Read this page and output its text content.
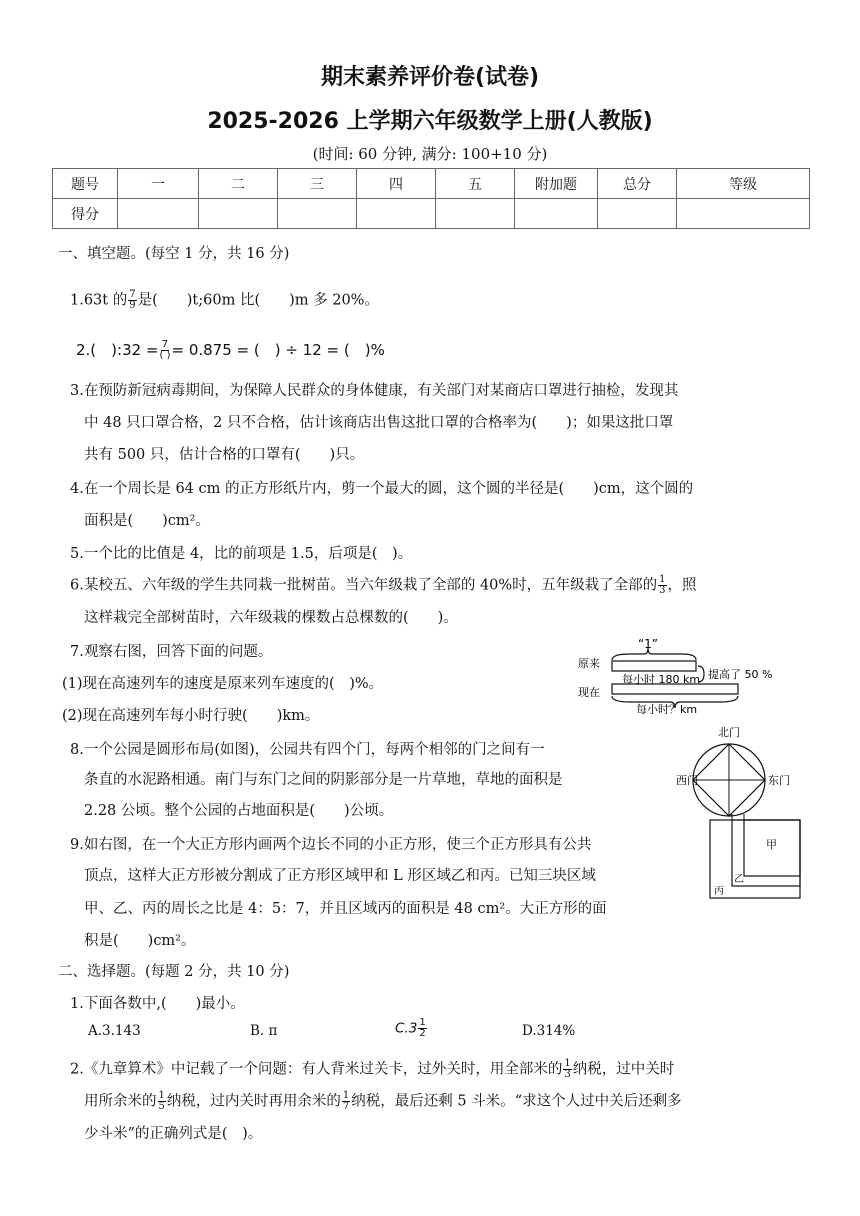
期末素养评价卷(试卷)
2025-2026 上学期六年级数学上册(人教版)
(时间: 60 分钟, 满分: 100+10 分)
题号	一	二	三	四	五	附加题	总分	等级
得分								
一、填空题。(每空 1 分，共 16 分)
1.63t 的 $\frac{7}{9}$ 是(　　)t;60m 比(　　)m 多 20%。
2.(　):32 = $\frac{7}{( )} = 0.875$ = (　) ÷ 12 = (　)%
3.在预防新冠病毒期间，为保障人民群众的身体健康，有关部门对某商店口罩进行抽检，发现其
中 48 只口罩合格，2 只不合格，估计该商店出售这批口罩的合格率为(　　)；如果这批口罩
共有 500 只，估计合格的口罩有(　　)只。
4.在一个周长是 64 cm 的正方形纸片内，剪一个最大的圆，这个圆的半径是(　　)cm，这个圆的
面积是(　　)cm²。
5.一个比的比值是 4，比的前项是 1.5，后项是(　)。
6.某校五、六年级的学生共同栽一批树苗。当六年级栽了全部的 40%时，五年级栽了全部的 $\frac{1}{3}$ ，照
这样栽完全部树苗时，六年级栽的棵数占总棵数的(　　)。
7.观察右图，回答下面的问题。
(1)现在高速列车的速度是原来列车速度的(　)%。
(2)现在高速列车每小时行驶(　　)km。
“1”
原来
每小时 180 km 提高了 50 %
现在
每小时？km
8.一个公园是圆形布局(如图)，公园共有四个门，每两个相邻的门之间有一
条直的水泥路相通。南门与东门之间的阴影部分是一片草地，草地的面积是
2.28 公顷。整个公园的占地面积是(　　)公顷。
北门
西门	东门
9.如右图，在一个大正方形内画两个边长不同的小正方形，使三个正方形具有公共
顶点，这样大正方形被分割成了正方形区域甲和 L 形区域乙和丙。已知三块区域
甲、乙、丙的周长之比是 4：5：7，并且区域丙的面积是 48 cm²。大正方形的面
积是(　　)cm²。
甲
乙
丙
二、选择题。(每题 2 分，共 10 分)
1.下面各数中,(　　)最小。
A.3.143	B. π	$C.3 \frac{1}{2}$	D.314%
2.《九章算术》中记载了一个问题：有人背米过关卡，过外关时，用全部米的 $\frac{1}{3}$ 纳税，过中关时
用所余米的 $\frac{1}{5}$ 纳税，过内关时再用余米的 $\frac{1}{7}$ 纳税，最后还剩 5 斗米。“求这个人过中关后还剩多
少斗米”的正确列式是(　)。
